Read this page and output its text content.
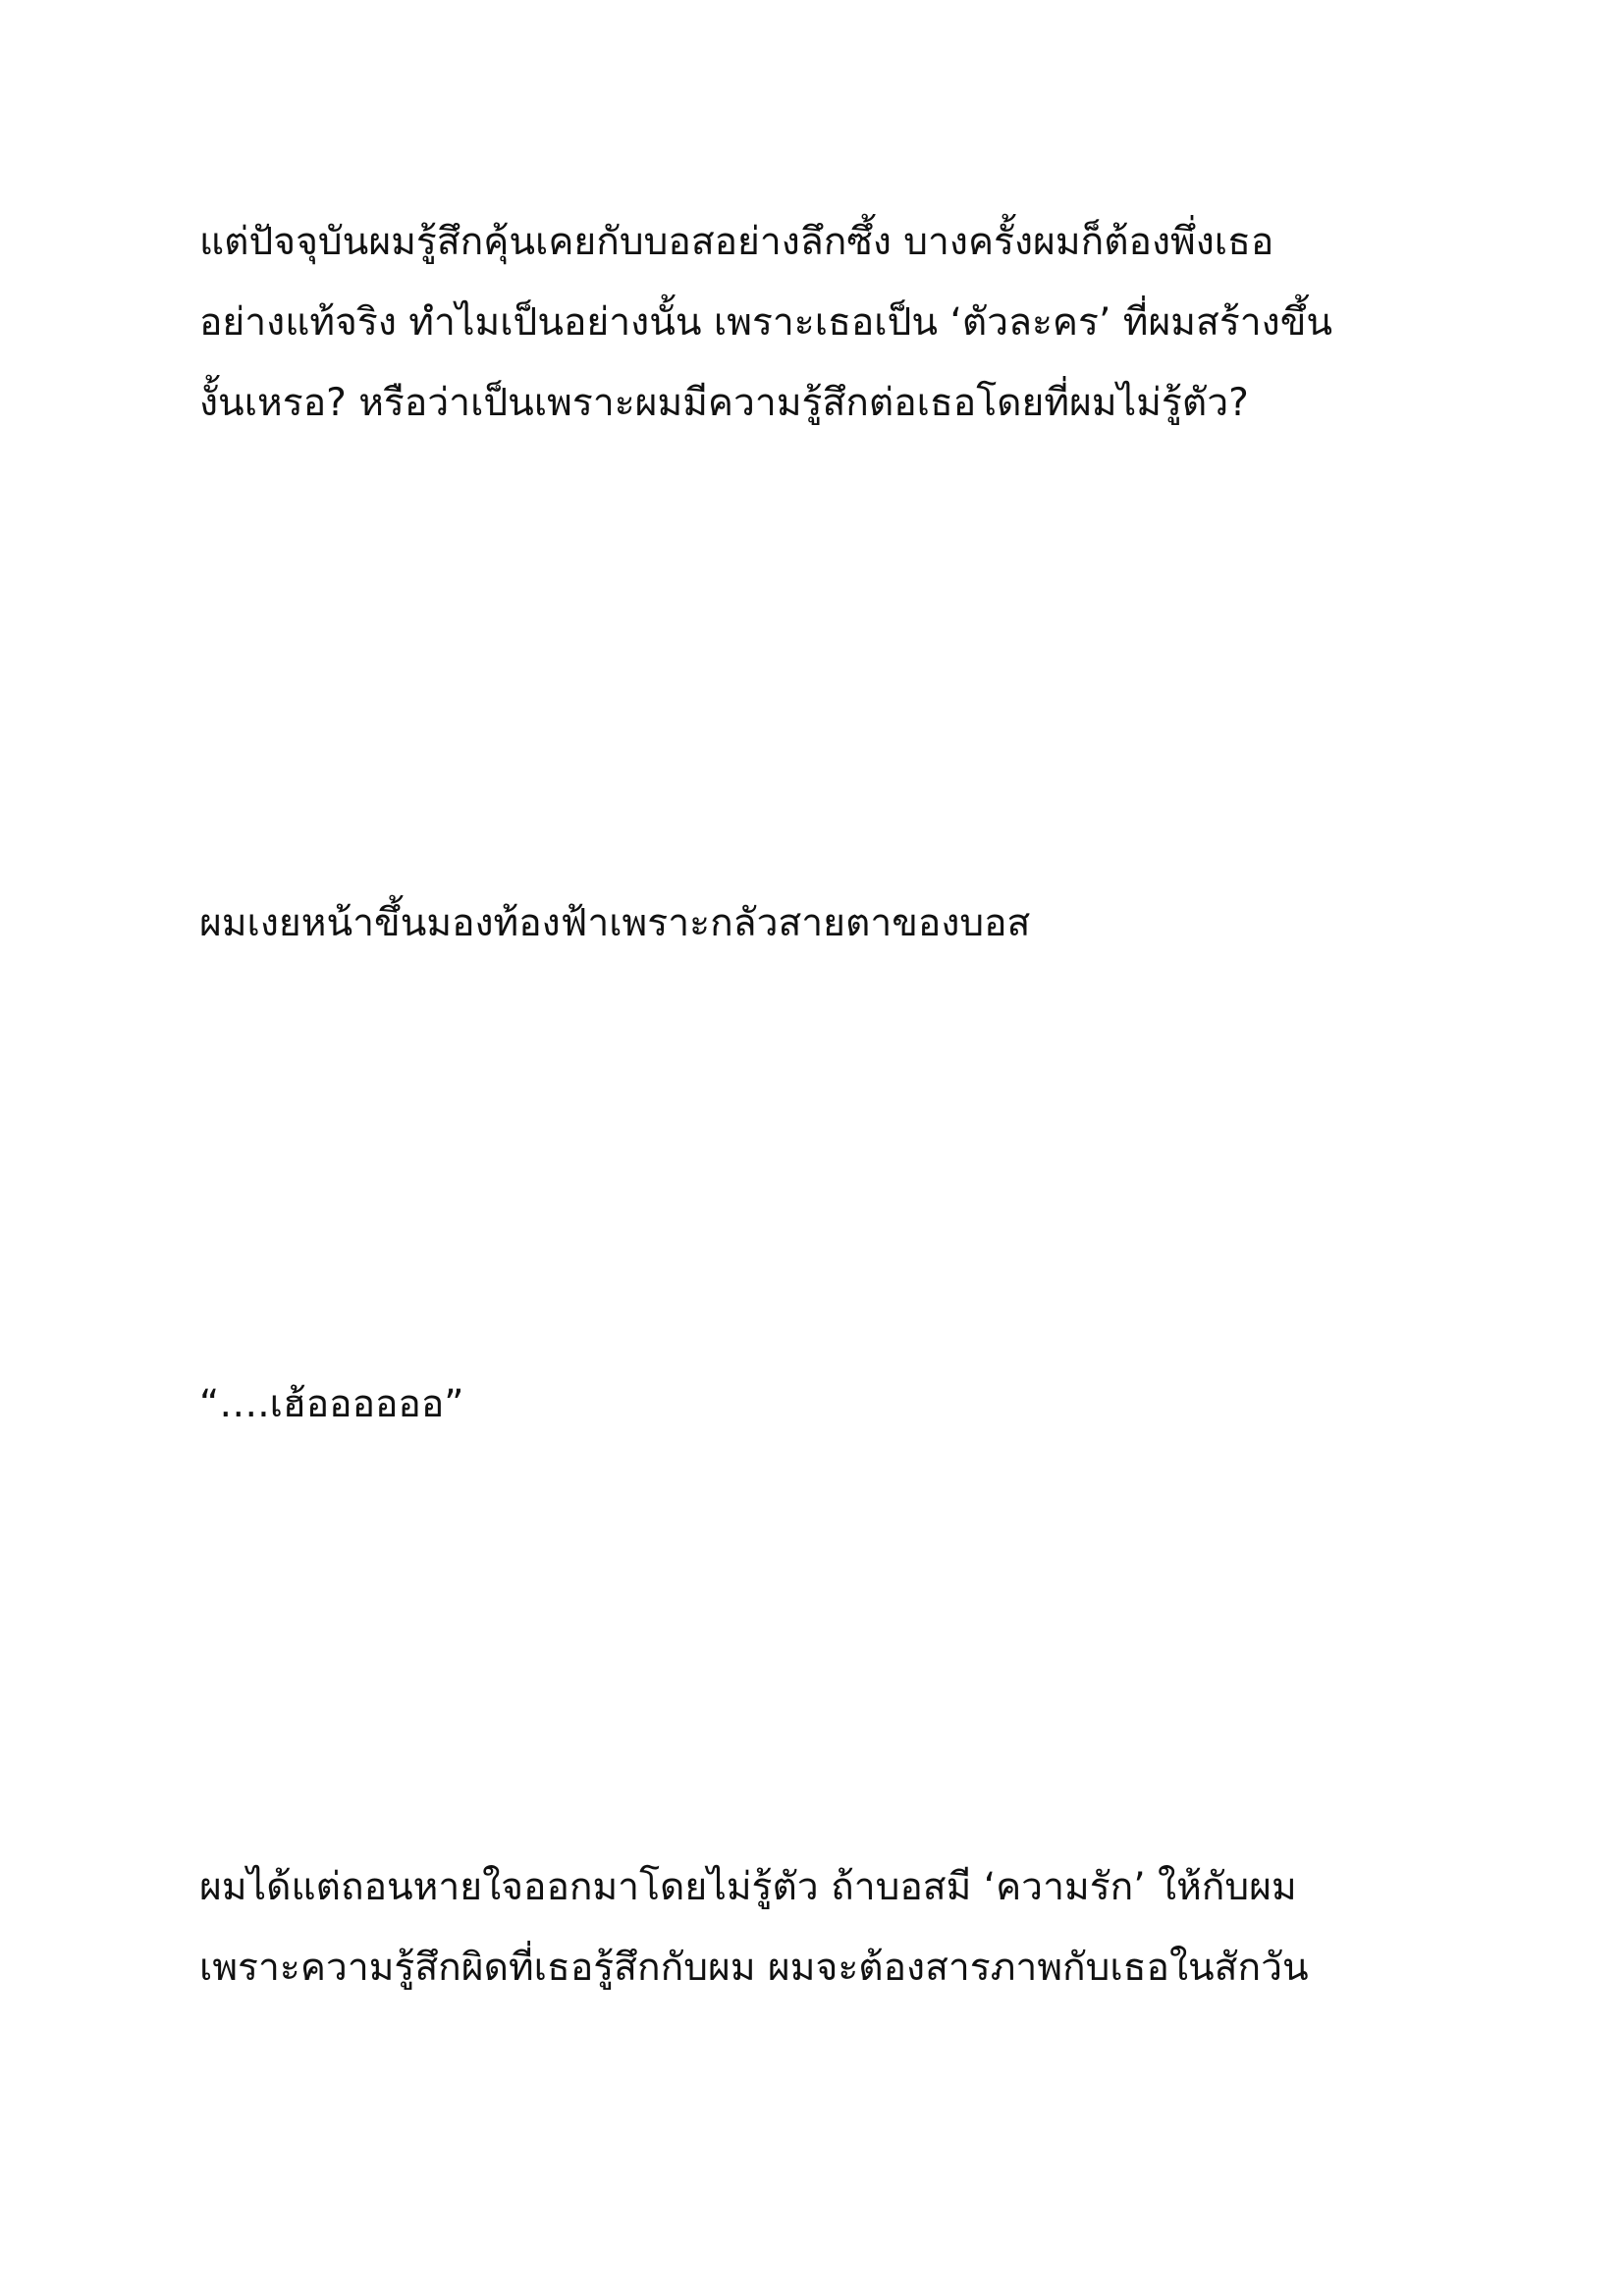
แต่ปัจจุบันผมรู้สึกคุ้นเคยกับบอสอย่างลึกซึ้ง บางครั้งผมก็ต้องพึ่งเธอ
อย่างแท้จริง ทำไมเป็นอย่างนั้น เพราะเธอเป็น ‘ตัวละคร’ ที่ผมสร้างขึ้น
งั้นเหรอ? หรือว่าเป็นเพราะผมมีความรู้สึกต่อเธอโดยที่ผมไม่รู้ตัว?

ผมเงยหน้าขึ้นมองท้องฟ้าเพราะกลัวสายตาของบอส

“….เฮ้ออออออ”

ผมได้แต่ถอนหายใจออกมาโดยไม่รู้ตัว ถ้าบอสมี ‘ความรัก’ ให้กับผม
เพราะความรู้สึกผิดที่เธอรู้สึกกับผม ผมจะต้องสารภาพกับเธอในสักวัน
